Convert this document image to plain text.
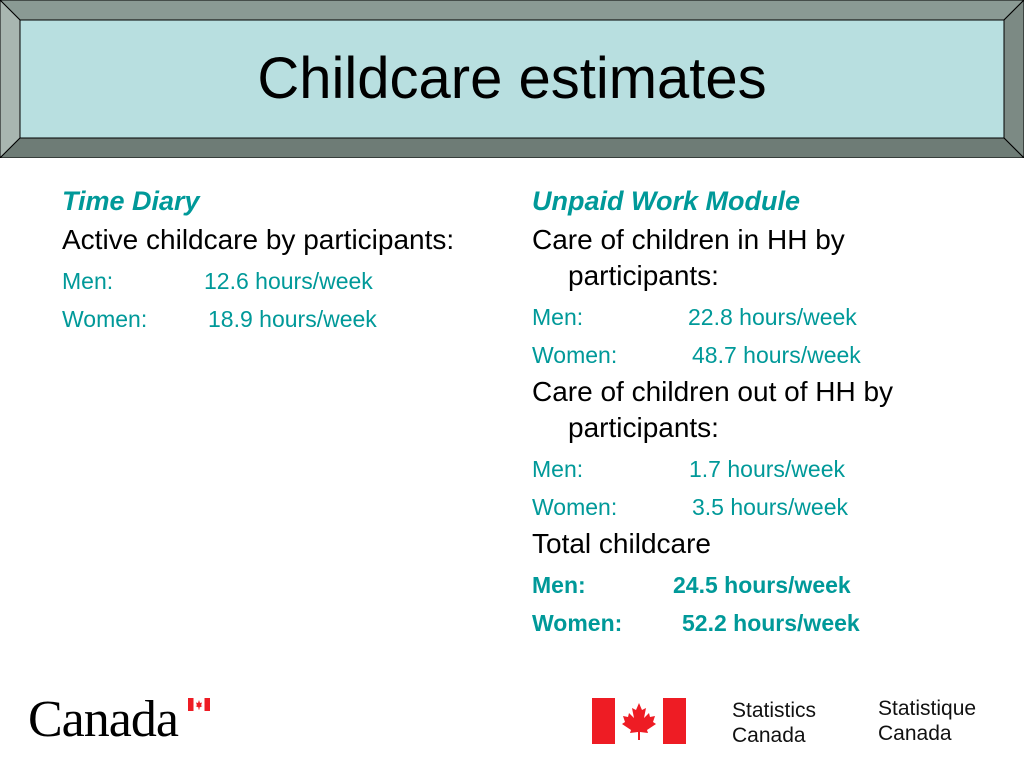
Childcare estimates
Time Diary
Active childcare by participants:
Men:	12.6 hours/week
Women:	18.9 hours/week
Unpaid Work Module
Care of children in HH by participants:
Men:	22.8 hours/week
Women:	48.7 hours/week
Care of children out of HH by participants:
Men:	1.7 hours/week
Women:	3.5 hours/week
Total childcare
Men:	24.5 hours/week
Women:	52.2 hours/week
Canada	Statistics
Canada
Statistique
Canada
